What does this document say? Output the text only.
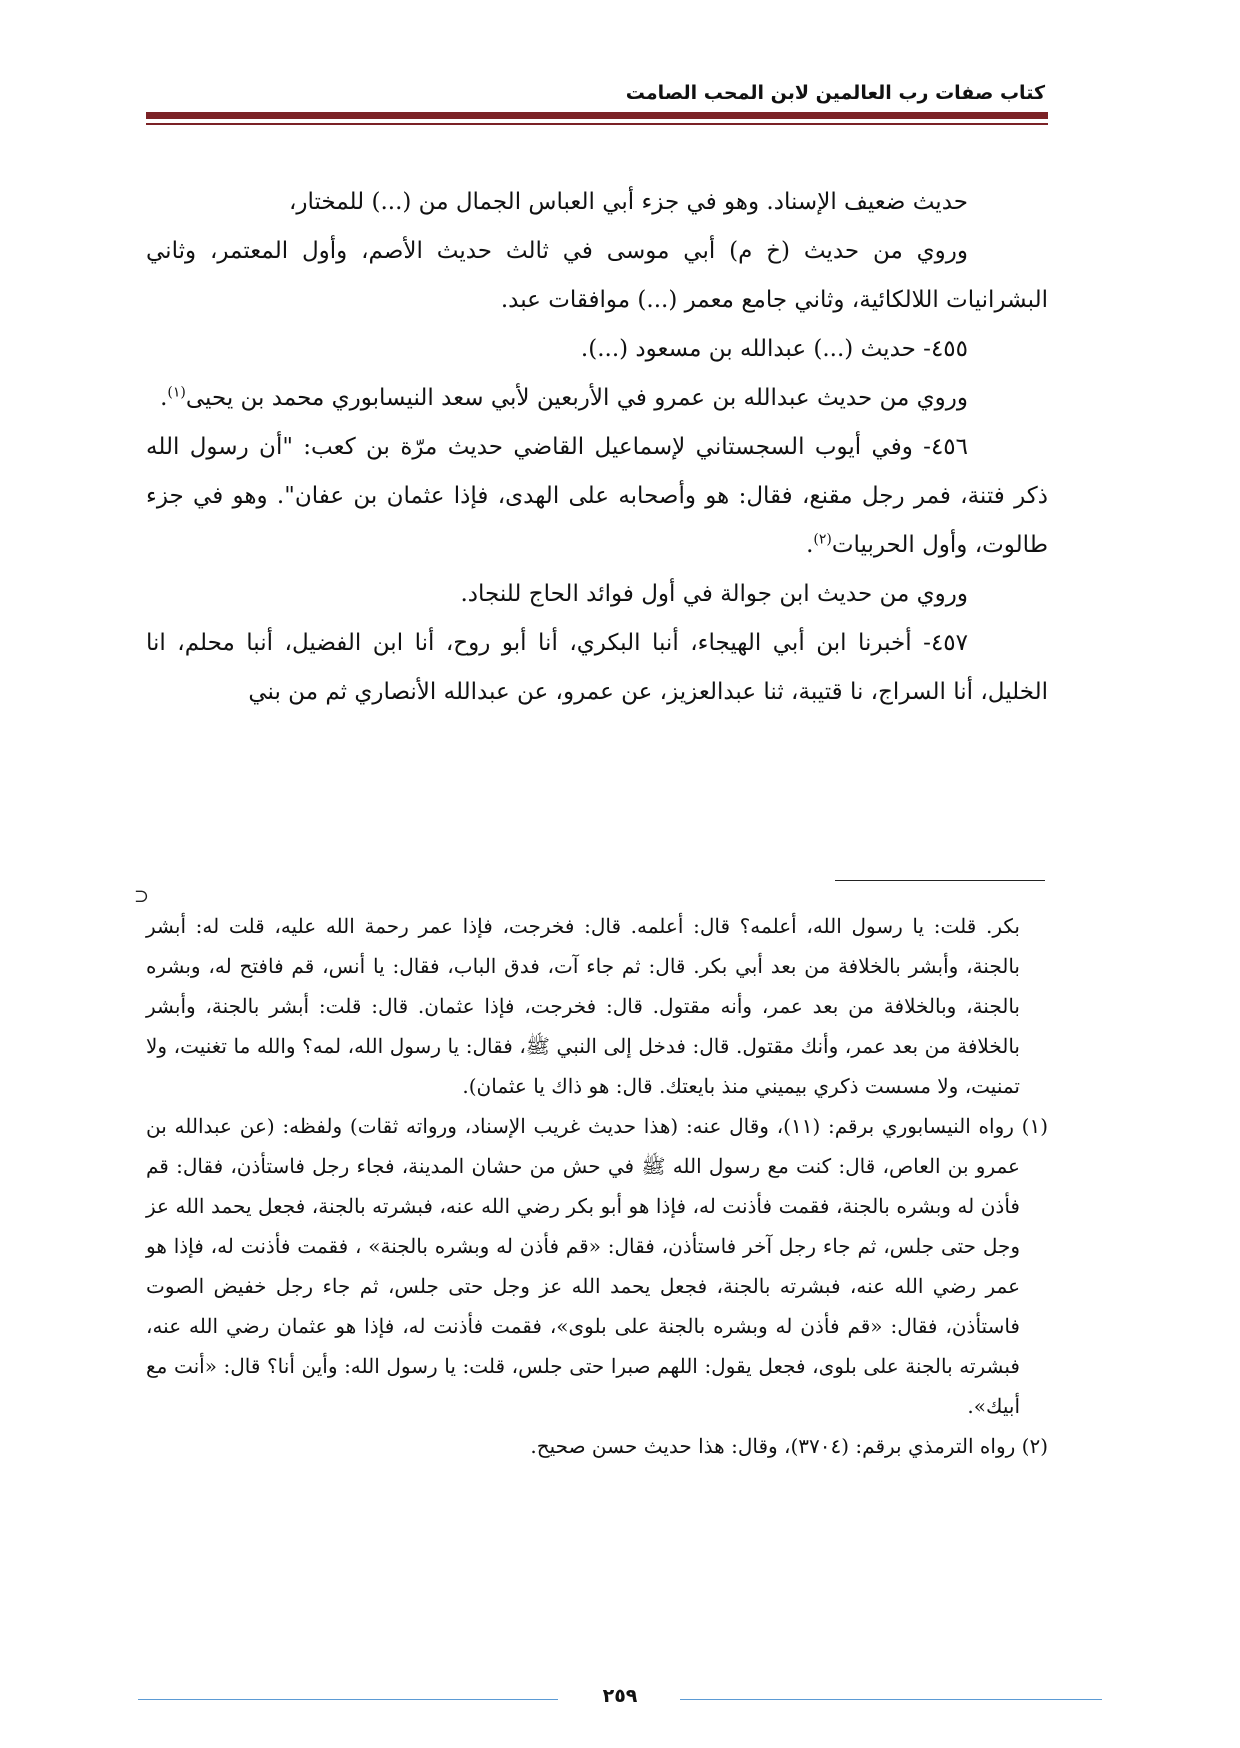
كتاب صفات رب العالمين لابن المحب الصامت

حديث ضعيف الإسناد. وهو في جزء أبي العباس الجمال من (...) للمختار،

وروي من حديث (خ م) أبي موسى في ثالث حديث الأصم، وأول المعتمر، وثاني البشرانيات اللالكائية، وثاني جامع معمر (...) موافقات عبد.

٤٥٥- حديث (...) عبدالله بن مسعود (...).

وروي من حديث عبدالله بن عمرو في الأربعين لأبي سعد النيسابوري محمد بن يحيى$^{(١)}$.

٤٥٦- وفي أيوب السجستاني لإسماعيل القاضي حديث مرّة بن كعب: "أن رسول الله ذكر فتنة، فمر رجل مقنع، فقال: هو وأصحابه على الهدى، فإذا عثمان بن عفان". وهو في جزء طالوت، وأول الحربيات$^{(٢)}$.

وروي من حديث ابن جوالة في أول فوائد الحاج للنجاد.

٤٥٧- أخبرنا ابن أبي الهيجاء، أنبا البكري، أنا أبو روح، أنا ابن الفضيل، أنبا محلم، انا الخليل، أنا السراج، نا قتيبة، ثنا عبدالعزيز، عن عمرو، عن عبدالله الأنصاري ثم من بني

⊃

بكر. قلت: يا رسول الله، أعلمه؟ قال: أعلمه. قال: فخرجت، فإذا عمر رحمة الله عليه، قلت له: أبشر بالجنة، وأبشر بالخلافة من بعد أبي بكر. قال: ثم جاء آت، فدق الباب، فقال: يا أنس، قم فافتح له، وبشره بالجنة، وبالخلافة من بعد عمر، وأنه مقتول. قال: فخرجت، فإذا عثمان. قال: قلت: أبشر بالجنة، وأبشر بالخلافة من بعد عمر، وأنك مقتول. قال: فدخل إلى النبي ﷺ، فقال: يا رسول الله، لمه؟ والله ما تغنيت، ولا تمنيت، ولا مسست ذكري بيميني منذ بايعتك. قال: هو ذاك يا عثمان).

(١) رواه النيسابوري برقم: (١١)، وقال عنه: (هذا حديث غريب الإسناد، ورواته ثقات) ولفظه: (عن عبدالله بن عمرو بن العاص، قال: كنت مع رسول الله ﷺ في حش من حشان المدينة، فجاء رجل فاستأذن، فقال: قم فأذن له وبشره بالجنة، فقمت فأذنت له، فإذا هو أبو بكر رضي الله عنه، فبشرته بالجنة، فجعل يحمد الله عز وجل حتى جلس، ثم جاء رجل آخر فاستأذن، فقال: «قم فأذن له وبشره بالجنة» ، فقمت فأذنت له، فإذا هو عمر رضي الله عنه، فبشرته بالجنة، فجعل يحمد الله عز وجل حتى جلس، ثم جاء رجل خفيض الصوت فاستأذن، فقال: «قم فأذن له وبشره بالجنة على بلوى»، فقمت فأذنت له، فإذا هو عثمان رضي الله عنه، فبشرته بالجنة على بلوى، فجعل يقول: اللهم صبرا حتى جلس، قلت: يا رسول الله: وأين أنا؟ قال: «أنت مع أبيك».

(٢) رواه الترمذي برقم: (٣٧٠٤)، وقال: هذا حديث حسن صحيح.

٢٥٩
